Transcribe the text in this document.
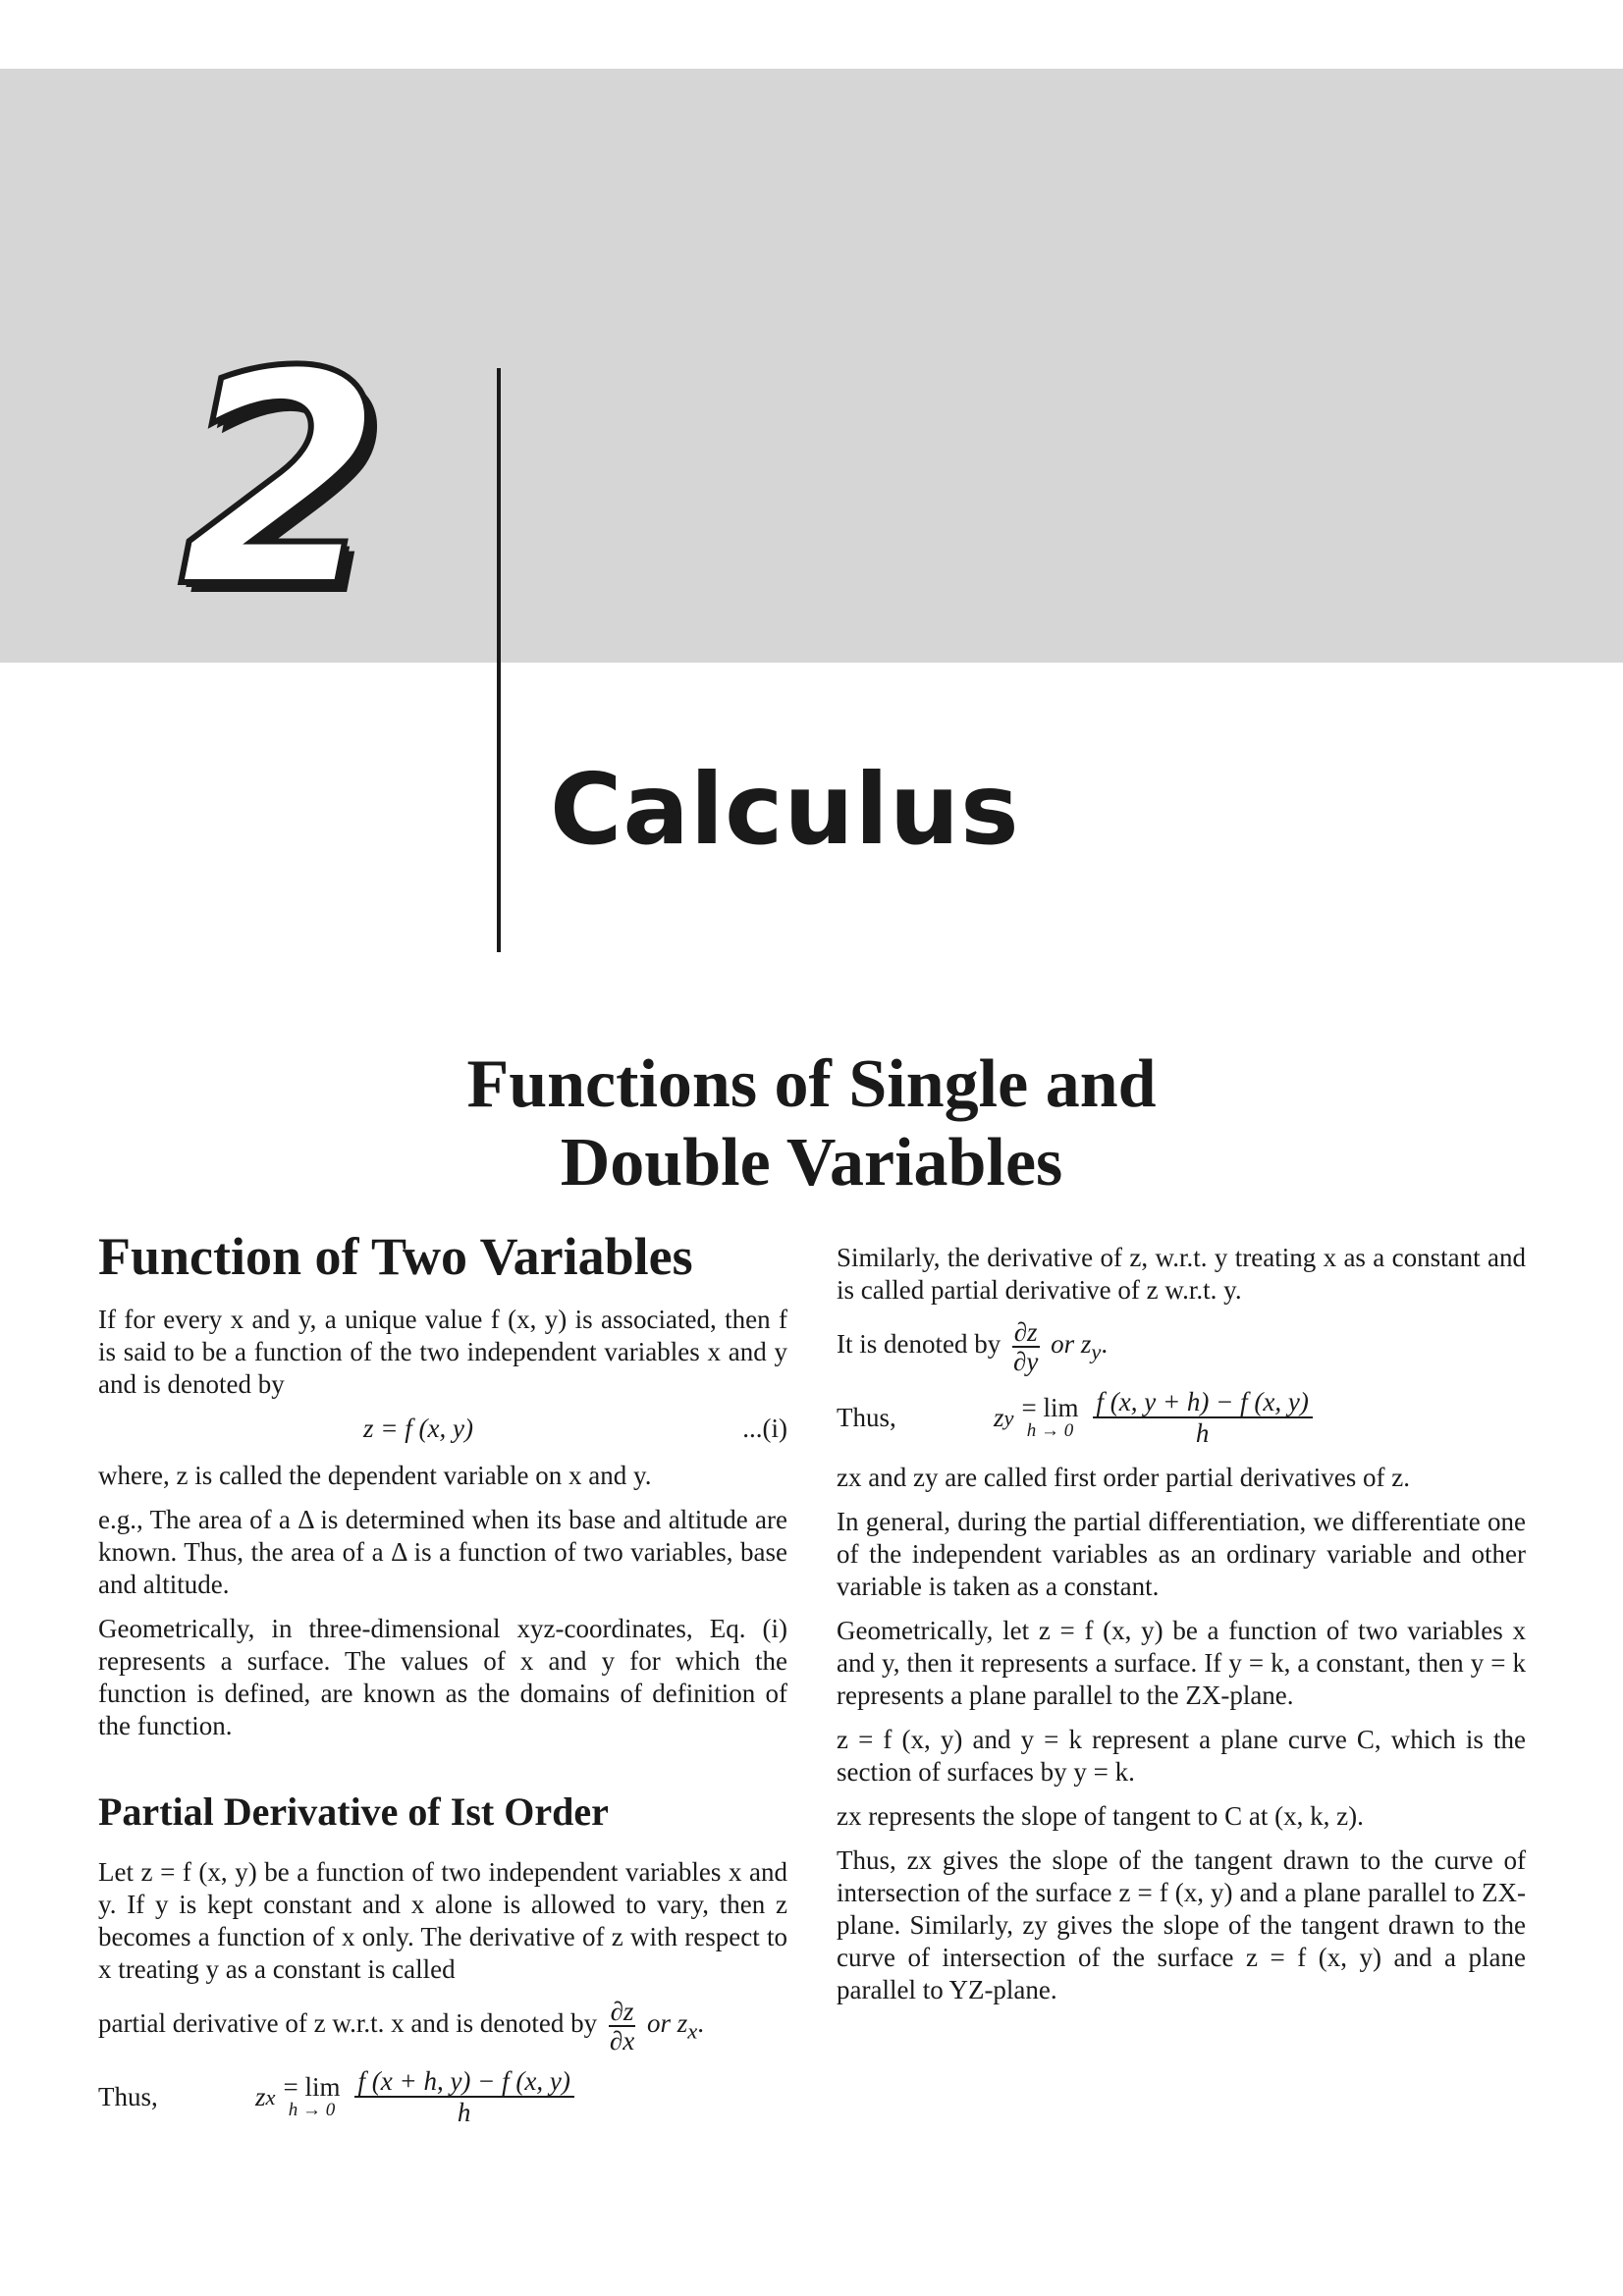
2
Calculus
Functions of Single and
Double Variables
Function of Two Variables

If for every x and y, a unique value f (x, y) is associated, then f is said to be a function of the two independent variables x and y and is denoted by

z = f (x, y)	...(i)

where, z is called the dependent variable on x and y.

e.g., The area of a Δ is determined when its base and altitude are known. Thus, the area of a Δ is a function of two variables, base and altitude.

Geometrically, in three-dimensional xyz-coordinates, Eq. (i) represents a surface. The values of x and y for which the function is defined, are known as the domains of definition of the function.

Partial Derivative of Ist Order

Let z = f (x, y) be a function of two independent variables x and y. If y is kept constant and x alone is allowed to vary, then z becomes a function of x only. The derivative of z with respect to x treating y as a constant is called

partial derivative of z w.r.t. x and is denoted by $\frac{\partial z}{\partial x}$ or $z_x$.

Thus,	z x = lim
$h \to 0 \frac{f (x + h, y) - f (x, y)}{h}$

Similarly, the derivative of z, w.r.t. y treating x as a constant and is called partial derivative of z w.r.t. y.

It is denoted by $\frac{\partial z}{\partial y}$ or $z_y$.

Thus,	z y = lim
$h \to 0 \frac{f (x, y + h) - f (x, y)}{h}$

zx and zy are called first order partial derivatives of z.

In general, during the partial differentiation, we differentiate one of the independent variables as an ordinary variable and other variable is taken as a constant.

Geometrically, let z = f (x, y) be a function of two variables x and y, then it represents a surface. If y = k, a constant, then y = k represents a plane parallel to the ZX-plane.

z = f (x, y) and y = k represent a plane curve C, which is the section of surfaces by y = k.

zx represents the slope of tangent to C at (x, k, z).

Thus, zx gives the slope of the tangent drawn to the curve of intersection of the surface z = f (x, y) and a plane parallel to ZX-plane. Similarly, zy gives the slope of the tangent drawn to the curve of intersection of the surface z = f (x, y) and a plane parallel to YZ-plane.
